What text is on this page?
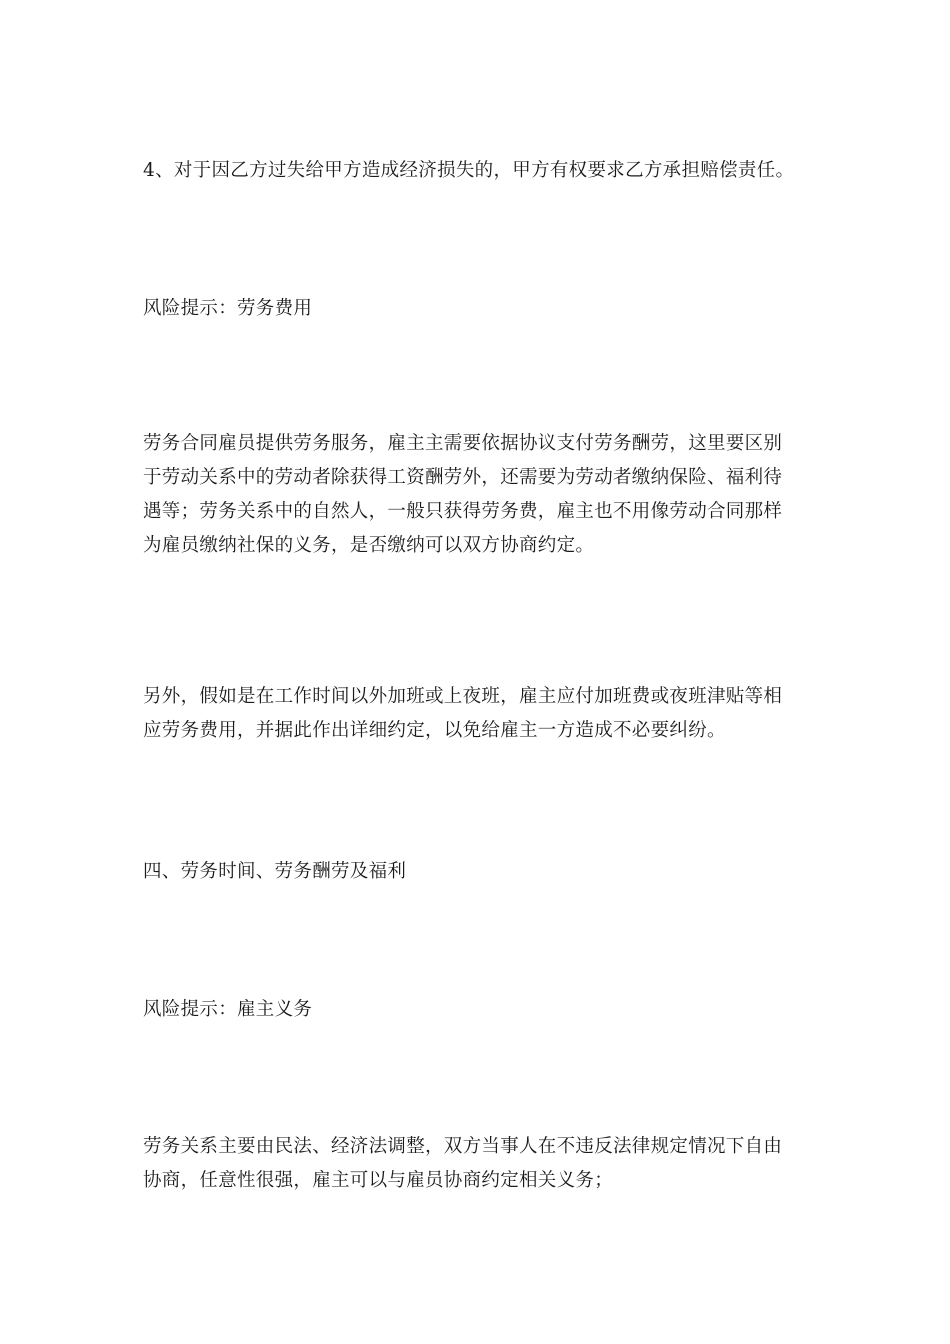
4、对于因乙方过失给甲方造成经济损失的，甲方有权要求乙方承担赔偿责任。

风险提示：劳务费用

劳务合同雇员提供劳务服务，雇主主需要依据协议支付劳务酬劳，这里要区别
于劳动关系中的劳动者除获得工资酬劳外，还需要为劳动者缴纳保险、福利待
遇等；劳务关系中的自然人，一般只获得劳务费，雇主也不用像劳动合同那样
为雇员缴纳社保的义务，是否缴纳可以双方协商约定。

另外，假如是在工作时间以外加班或上夜班，雇主应付加班费或夜班津贴等相
应劳务费用，并据此作出详细约定，以免给雇主一方造成不必要纠纷。

四、劳务时间、劳务酬劳及福利

风险提示：雇主义务

劳务关系主要由民法、经济法调整，双方当事人在不违反法律规定情况下自由
协商，任意性很强，雇主可以与雇员协商约定相关义务；
